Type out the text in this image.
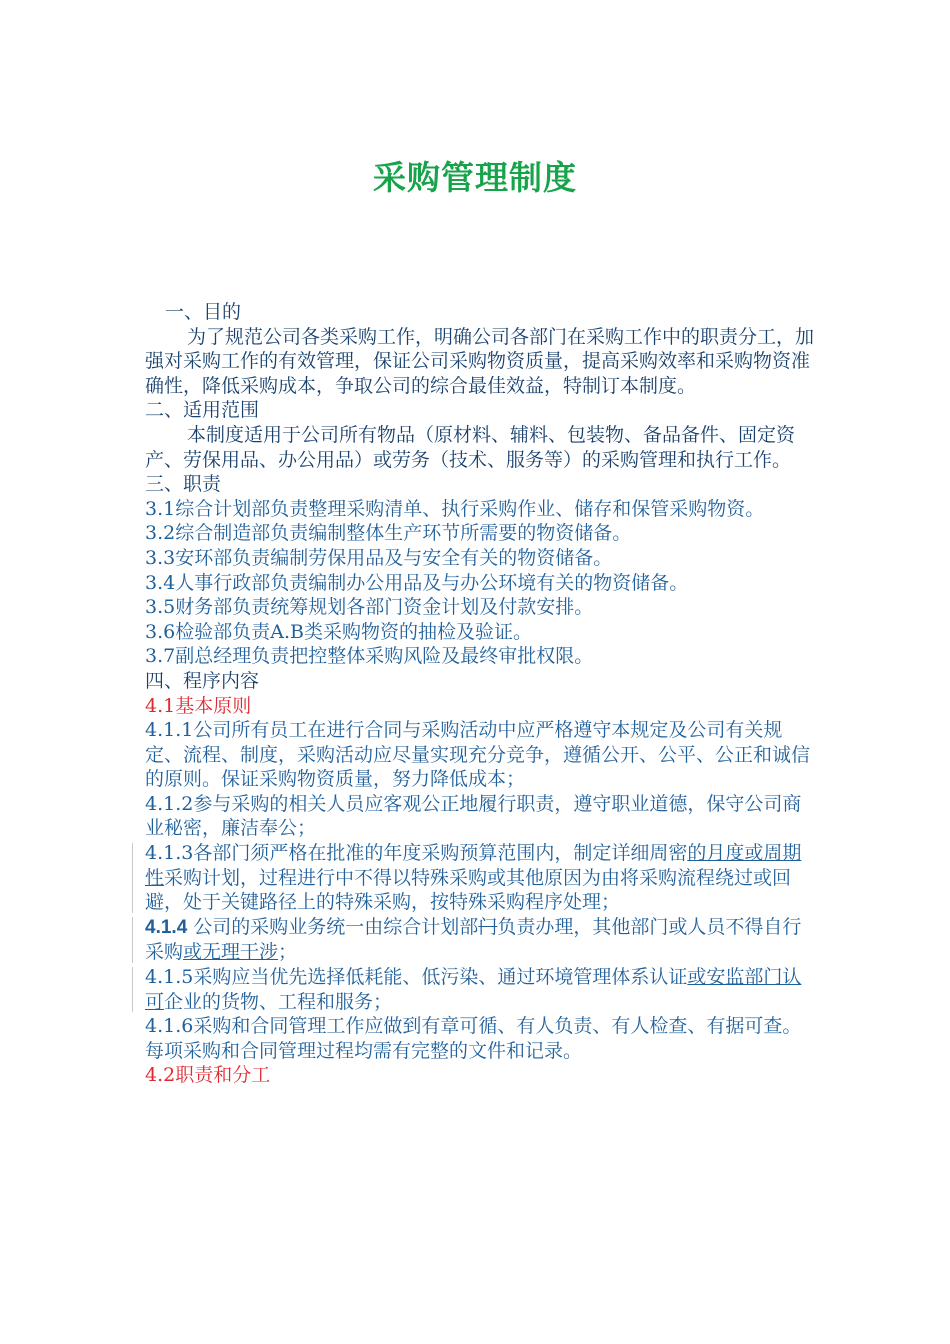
采购管理制度

一、目的

为了规范公司各类采购工作，明确公司各部门在采购工作中的职责分工，加强对采购工作的有效管理，保证公司采购物资质量，提高采购效率和采购物资准确性，降低采购成本，争取公司的综合最佳效益，特制订本制度。

二、适用范围

本制度适用于公司所有物品（原材料、辅料、包装物、备品备件、固定资产、劳保用品、办公用品）或劳务（技术、服务等）的采购管理和执行工作。

三、职责

3.1综合计划部负责整理采购清单、执行采购作业、储存和保管采购物资。

3.2综合制造部负责编制整体生产环节所需要的物资储备。

3.3安环部负责编制劳保用品及与安全有关的物资储备。

3.4人事行政部负责编制办公用品及与办公环境有关的物资储备。

3.5财务部负责统筹规划各部门资金计划及付款安排。

3.6检验部负责A.B类采购物资的抽检及验证。

3.7副总经理负责把控整体采购风险及最终审批权限。

四、程序内容

4.1基本原则

4.1.1公司所有员工在进行合同与采购活动中应严格遵守本规定及公司有关规定、流程、制度，采购活动应尽量实现充分竞争，遵循公开、公平、公正和诚信的原则。保证采购物资质量，努力降低成本；

4.1.2参与采购的相关人员应客观公正地履行职责，遵守职业道德，保守公司商业秘密，廉洁奉公；

4.1.3各部门须严格在批准的年度采购预算范围内，制定详细周密的月度或周期性采购计划，过程进行中不得以特殊采购或其他原因为由将采购流程绕过或回避，处于关键路径上的特殊采购，按特殊采购程序处理；

4.1.4 公司的采购业务统一由综合计划部门负责办理，其他部门或人员不得自行采购或无理干涉；

4.1.5采购应当优先选择低耗能、低污染、通过环境管理体系认证或安监部门认可企业的货物、工程和服务；

4.1.6采购和合同管理工作应做到有章可循、有人负责、有人检查、有据可查。每项采购和合同管理过程均需有完整的文件和记录。

4.2职责和分工
